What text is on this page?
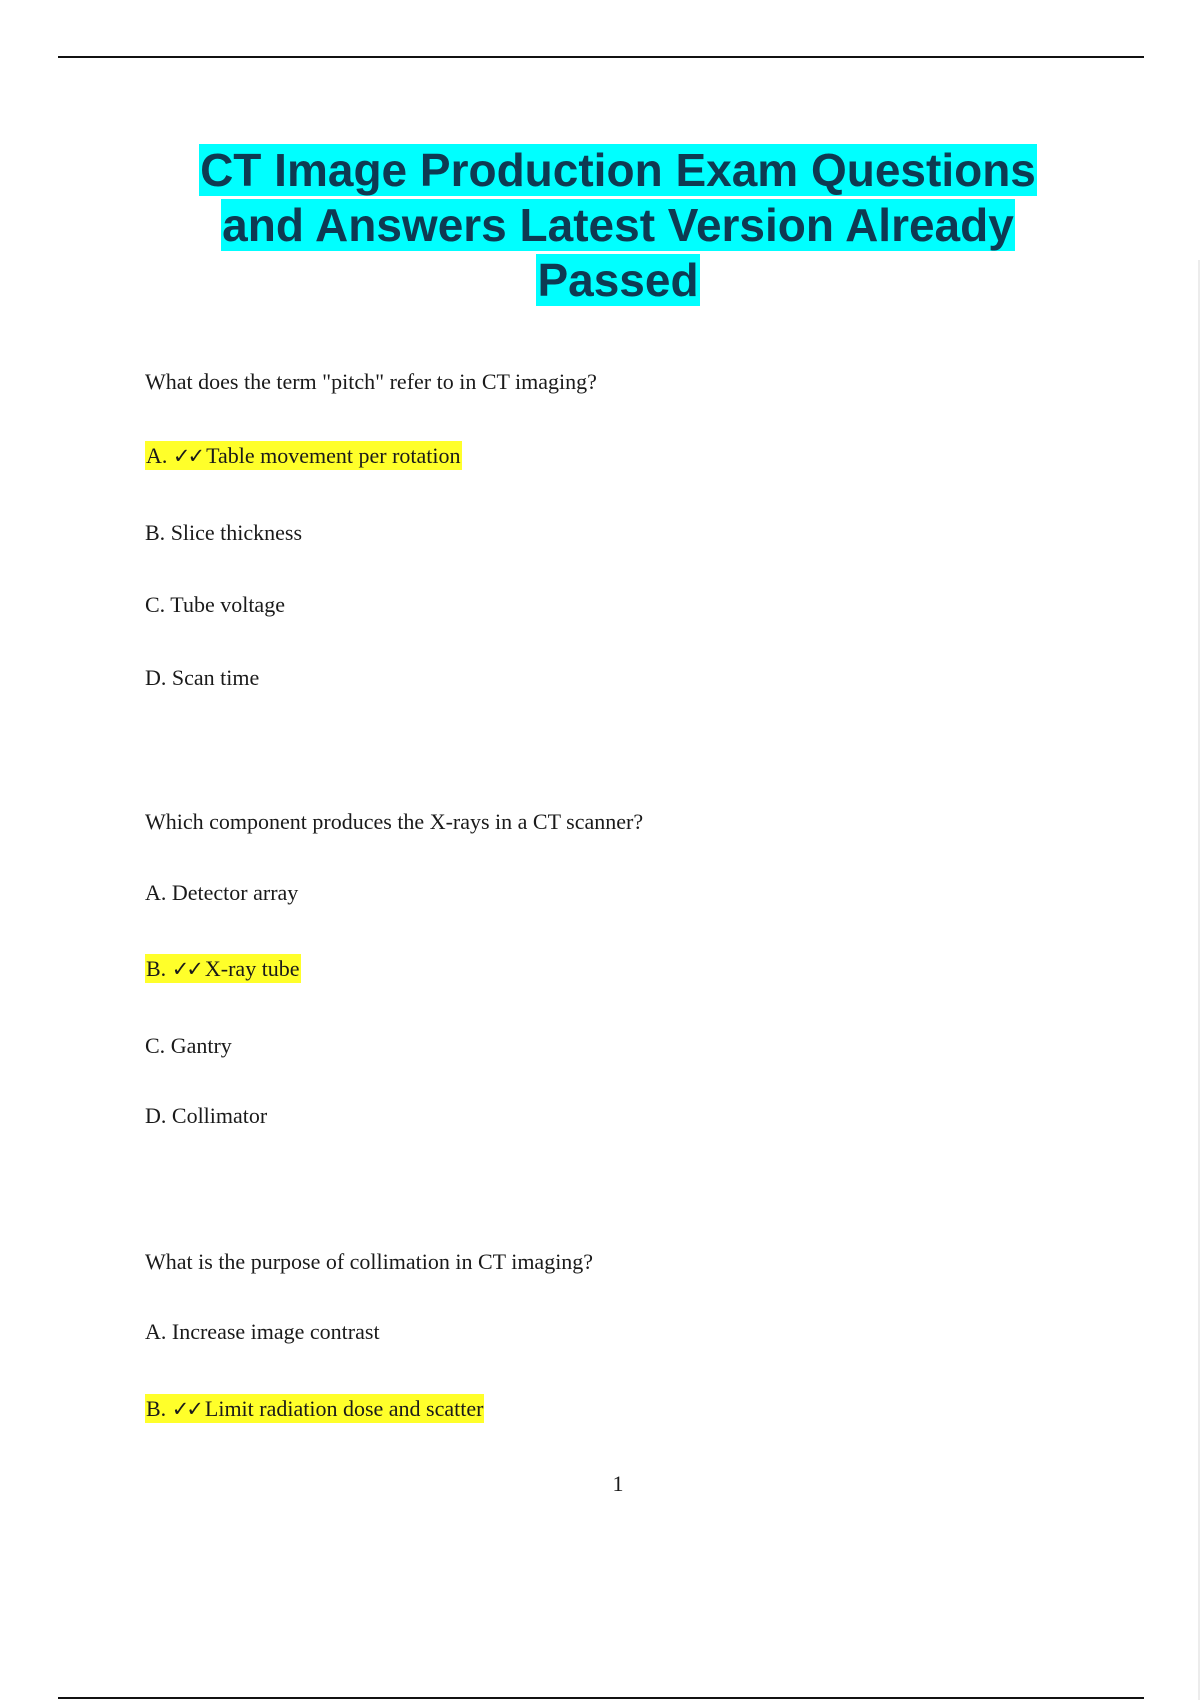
CT Image Production Exam Questions
and Answers Latest Version Already
Passed
What does the term "pitch" refer to in CT imaging?
A. ✓✓ Table movement per rotation
B. Slice thickness
C. Tube voltage
D. Scan time
Which component produces the X-rays in a CT scanner?
A. Detector array
B. ✓✓ X-ray tube
C. Gantry
D. Collimator
What is the purpose of collimation in CT imaging?
A. Increase image contrast
B. ✓✓ Limit radiation dose and scatter
1
